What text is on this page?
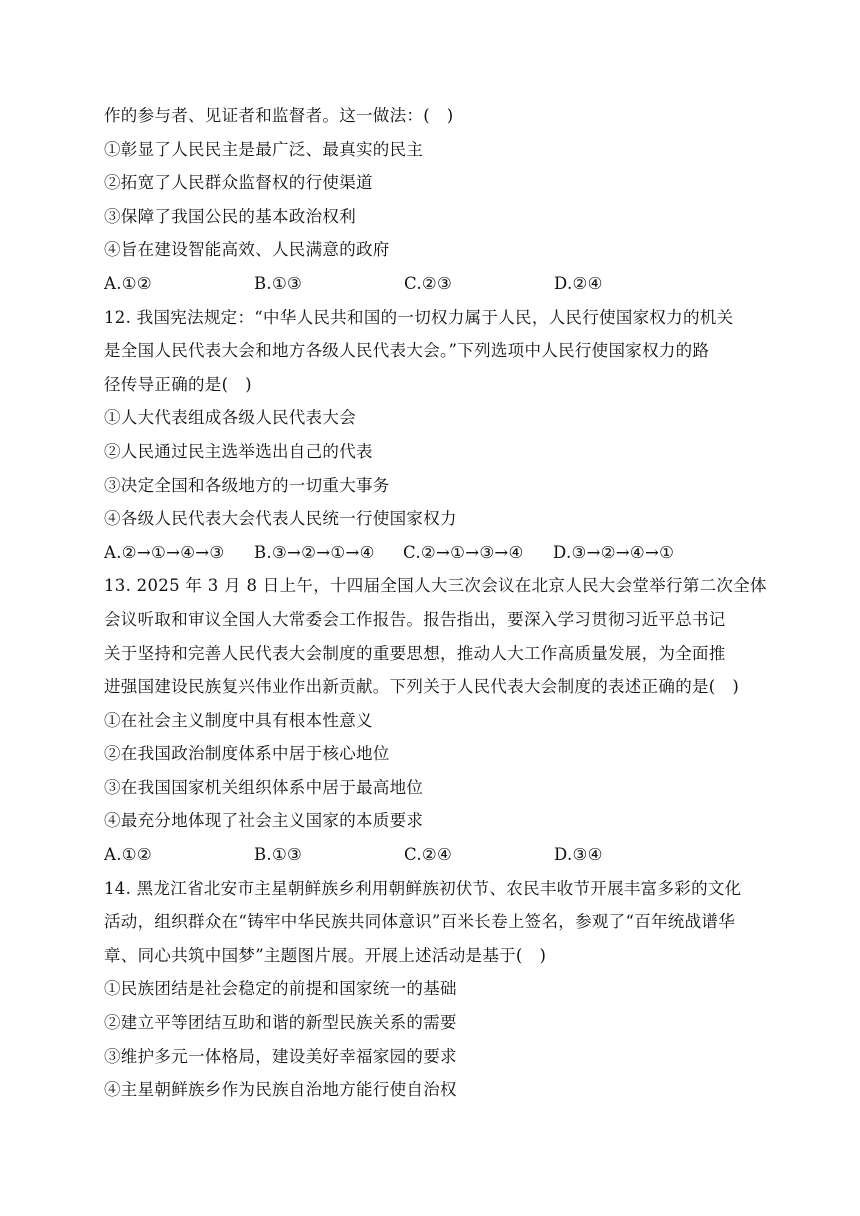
作的参与者、见证者和监督者。这一做法：(　)
①彰显了人民民主是最广泛、最真实的民主
②拓宽了人民群众监督权的行使渠道
③保障了我国公民的基本政治权利
④旨在建设智能高效、人民满意的政府
A.①②	B.①③	C.②③	D.②④
12. 我国宪法规定：“中华人民共和国的一切权力属于人民，人民行使国家权力的机关
是全国人民代表大会和地方各级人民代表大会。”下列选项中人民行使国家权力的路
径传导正确的是(　)
①人大代表组成各级人民代表大会
②人民通过民主选举选出自己的代表
③决定全国和各级地方的一切重大事务
④各级人民代表大会代表人民统一行使国家权力
A.②→①→④→③ B.③→②→①→④ C.②→①→③→④ D.③→②→④→①
13. 2025 年 3 月 8 日上午，十四届全国人大三次会议在北京人民大会堂举行第二次全体
会议听取和审议全国人大常委会工作报告。报告指出，要深入学习贯彻习近平总书记
关于坚持和完善人民代表大会制度的重要思想，推动人大工作高质量发展，为全面推
进强国建设民族复兴伟业作出新贡献。下列关于人民代表大会制度的表述正确的是(　)
①在社会主义制度中具有根本性意义
②在我国政治制度体系中居于核心地位
③在我国国家机关组织体系中居于最高地位
④最充分地体现了社会主义国家的本质要求
A.①②	B.①③	C.②④	D.③④
14. 黑龙江省北安市主星朝鲜族乡利用朝鲜族初伏节、农民丰收节开展丰富多彩的文化
活动，组织群众在“铸牢中华民族共同体意识”百米长卷上签名，参观了“百年统战谱华
章、同心共筑中国梦”主题图片展。开展上述活动是基于(　)
①民族团结是社会稳定的前提和国家统一的基础
②建立平等团结互助和谐的新型民族关系的需要
③维护多元一体格局，建设美好幸福家园的要求
④主星朝鲜族乡作为民族自治地方能行使自治权
